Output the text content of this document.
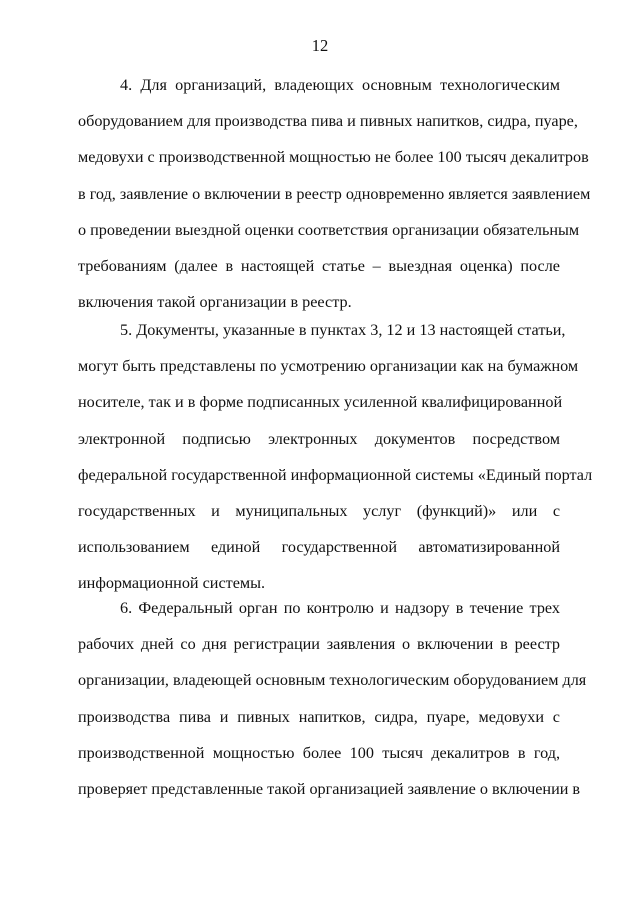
12
4. Для организаций, владеющих основным технологическим
оборудованием для производства пива и пивных напитков, сидра, пуаре,
медовухи с производственной мощностью не более 100 тысяч декалитров
в год, заявление о включении в реестр одновременно является заявлением
о проведении выездной оценки соответствия организации обязательным
требованиям (далее в настоящей статье – выездная оценка) после
включения такой организации в реестр.
5. Документы, указанные в пунктах 3, 12 и 13 настоящей статьи,
могут быть представлены по усмотрению организации как на бумажном
носителе, так и в форме подписанных усиленной квалифицированной
электронной подписью электронных документов посредством
федеральной государственной информационной системы «Единый портал
государственных и муниципальных услуг (функций)» или с
использованием единой государственной автоматизированной
информационной системы.
6. Федеральный орган по контролю и надзору в течение трех
рабочих дней со дня регистрации заявления о включении в реестр
организации, владеющей основным технологическим оборудованием для
производства пива и пивных напитков, сидра, пуаре, медовухи с
производственной мощностью более 100 тысяч декалитров в год,
проверяет представленные такой организацией заявление о включении в
